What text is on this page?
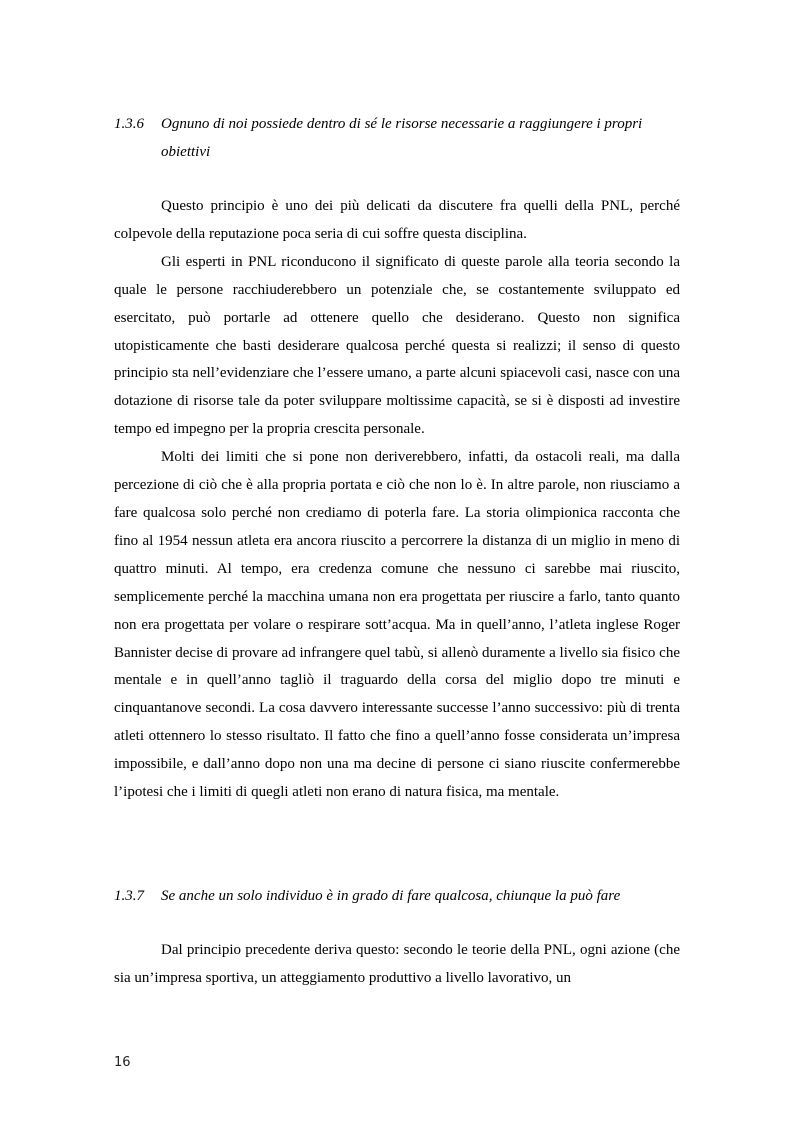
1.3.6 Ognuno di noi possiede dentro di sé le risorse necessarie a raggiungere i propri obiettivi

Questo principio è uno dei più delicati da discutere fra quelli della PNL, perché colpevole della reputazione poca seria di cui soffre questa disciplina.

Gli esperti in PNL riconducono il significato di queste parole alla teoria secondo la quale le persone racchiuderebbero un potenziale che, se costantemente sviluppato ed esercitato, può portarle ad ottenere quello che desiderano. Questo non significa utopisticamente che basti desiderare qualcosa perché questa si realizzi; il senso di questo principio sta nell’evidenziare che l’essere umano, a parte alcuni spiacevoli casi, nasce con una dotazione di risorse tale da poter sviluppare moltissime capacità, se si è disposti ad investire tempo ed impegno per la propria crescita personale.

Molti dei limiti che si pone non deriverebbero, infatti, da ostacoli reali, ma dalla percezione di ciò che è alla propria portata e ciò che non lo è. In altre parole, non riusciamo a fare qualcosa solo perché non crediamo di poterla fare. La storia olimpionica racconta che fino al 1954 nessun atleta era ancora riuscito a percorrere la distanza di un miglio in meno di quattro minuti. Al tempo, era credenza comune che nessuno ci sarebbe mai riuscito, semplicemente perché la macchina umana non era progettata per riuscire a farlo, tanto quanto non era progettata per volare o respirare sott’acqua. Ma in quell’anno, l’atleta inglese Roger Bannister decise di provare ad infrangere quel tabù, si allenò duramente a livello sia fisico che mentale e in quell’anno tagliò il traguardo della corsa del miglio dopo tre minuti e cinquantanove secondi. La cosa davvero interessante successe l’anno successivo: più di trenta atleti ottennero lo stesso risultato. Il fatto che fino a quell’anno fosse considerata un’impresa impossibile, e dall’anno dopo non una ma decine di persone ci siano riuscite confermerebbe l’ipotesi che i limiti di quegli atleti non erano di natura fisica, ma mentale.

1.3.7 Se anche un solo individuo è in grado di fare qualcosa, chiunque la può fare

Dal principio precedente deriva questo: secondo le teorie della PNL, ogni azione (che sia un’impresa sportiva, un atteggiamento produttivo a livello lavorativo, un

16
